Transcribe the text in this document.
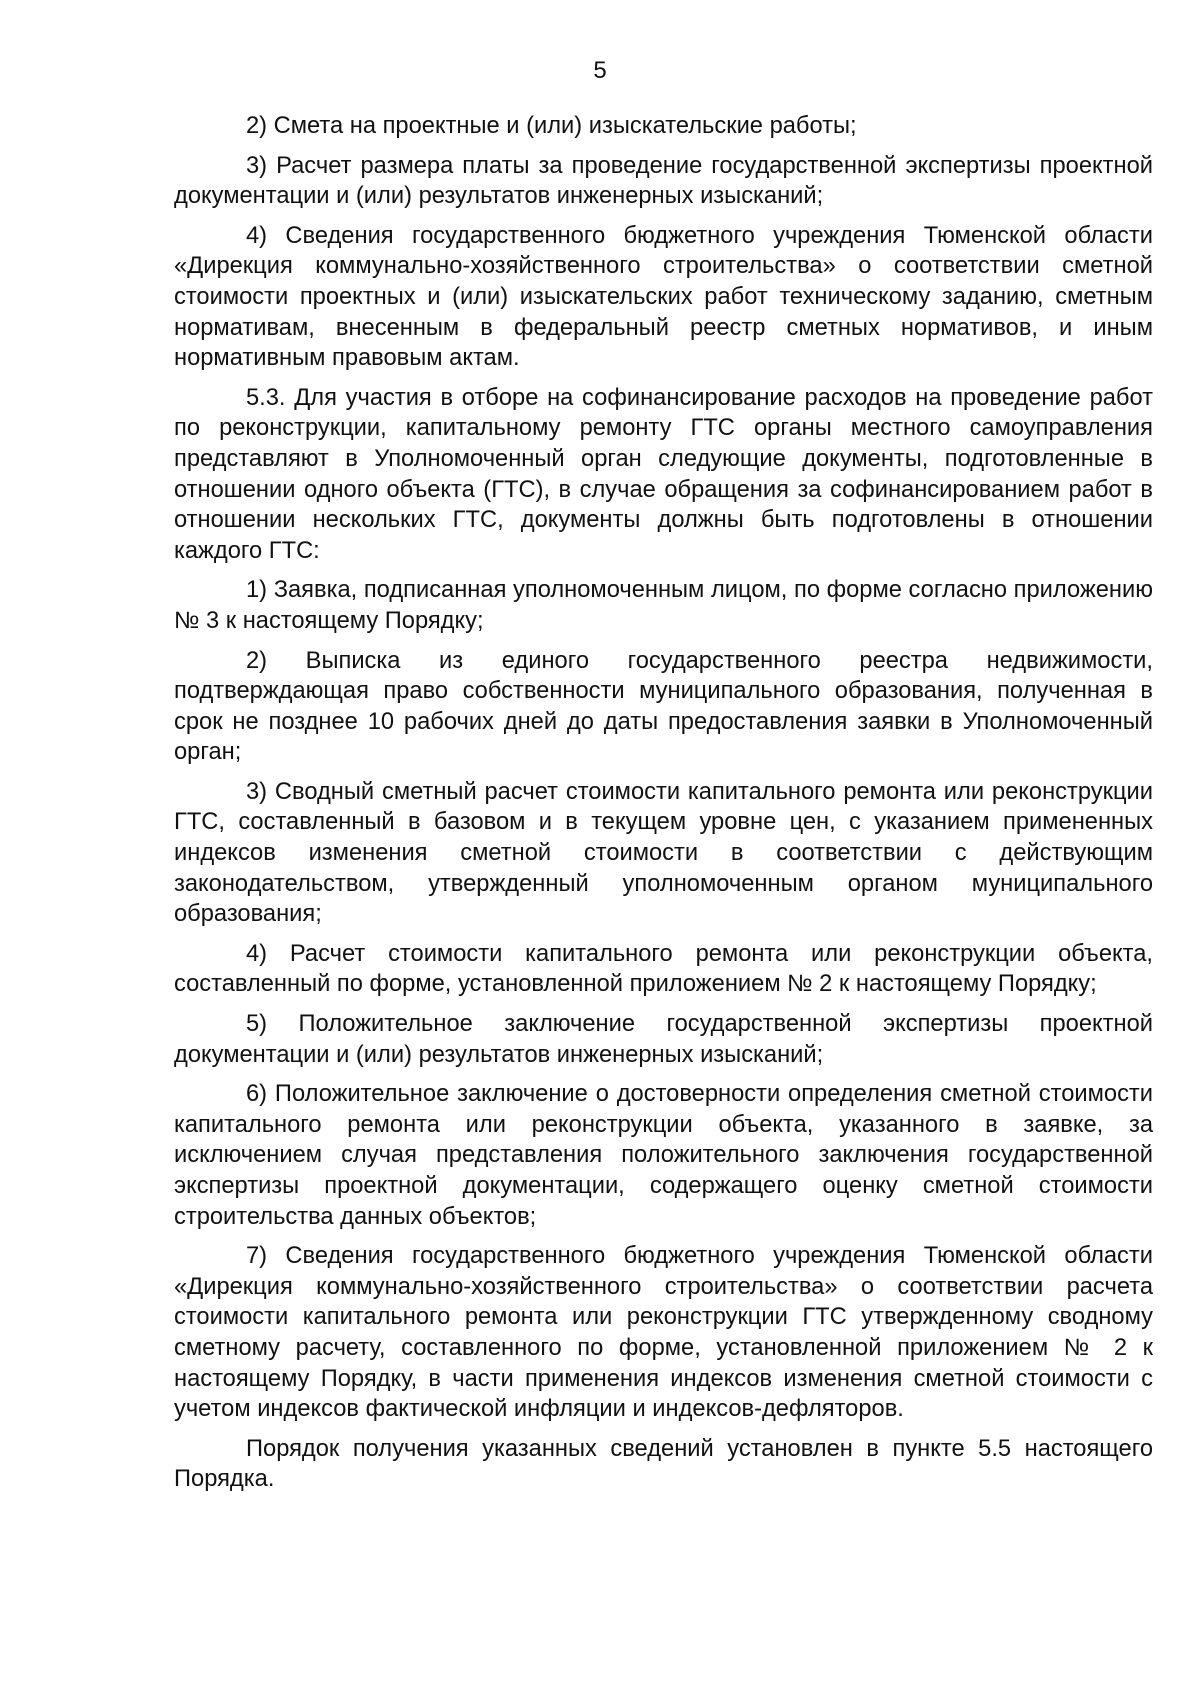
5

2) Смета на проектные и (или) изыскательские работы;

3) Расчет размера платы за проведение государственной экспертизы проектной документации и (или) результатов инженерных изысканий;

4) Сведения государственного бюджетного учреждения Тюменской области «Дирекция коммунально-хозяйственного строительства» о соответствии сметной стоимости проектных и (или) изыскательских работ техническому заданию, сметным нормативам, внесенным в федеральный реестр сметных нормативов, и иным нормативным правовым актам.

5.3. Для участия в отборе на софинансирование расходов на проведение работ по реконструкции, капитальному ремонту ГТС органы местного самоуправления представляют в Уполномоченный орган следующие документы, подготовленные в отношении одного объекта (ГТС), в случае обращения за софинансированием работ в отношении нескольких ГТС, документы должны быть подготовлены в отношении каждого ГТС:

1) Заявка, подписанная уполномоченным лицом, по форме согласно приложению № 3 к настоящему Порядку;

2) Выписка из единого государственного реестра недвижимости, подтверждающая право собственности муниципального образования, полученная в срок не позднее 10 рабочих дней до даты предоставления заявки в Уполномоченный орган;

3) Сводный сметный расчет стоимости капитального ремонта или реконструкции ГТС, составленный в базовом и в текущем уровне цен, с указанием примененных индексов изменения сметной стоимости в соответствии с действующим законодательством, утвержденный уполномоченным органом муниципального образования;

4) Расчет стоимости капитального ремонта или реконструкции объекта, составленный по форме, установленной приложением № 2 к настоящему Порядку;

5) Положительное заключение государственной экспертизы проектной документации и (или) результатов инженерных изысканий;

6) Положительное заключение о достоверности определения сметной стоимости капитального ремонта или реконструкции объекта, указанного в заявке, за исключением случая представления положительного заключения государственной экспертизы проектной документации, содержащего оценку сметной стоимости строительства данных объектов;

7) Сведения государственного бюджетного учреждения Тюменской области «Дирекция коммунально-хозяйственного строительства» о соответствии расчета стоимости капитального ремонта или реконструкции ГТС утвержденному сводному сметному расчету, составленного по форме, установленной приложением № 2 к настоящему Порядку, в части применения индексов изменения сметной стоимости с учетом индексов фактической инфляции и индексов-дефляторов.

Порядок получения указанных сведений установлен в пункте 5.5 настоящего Порядка.
